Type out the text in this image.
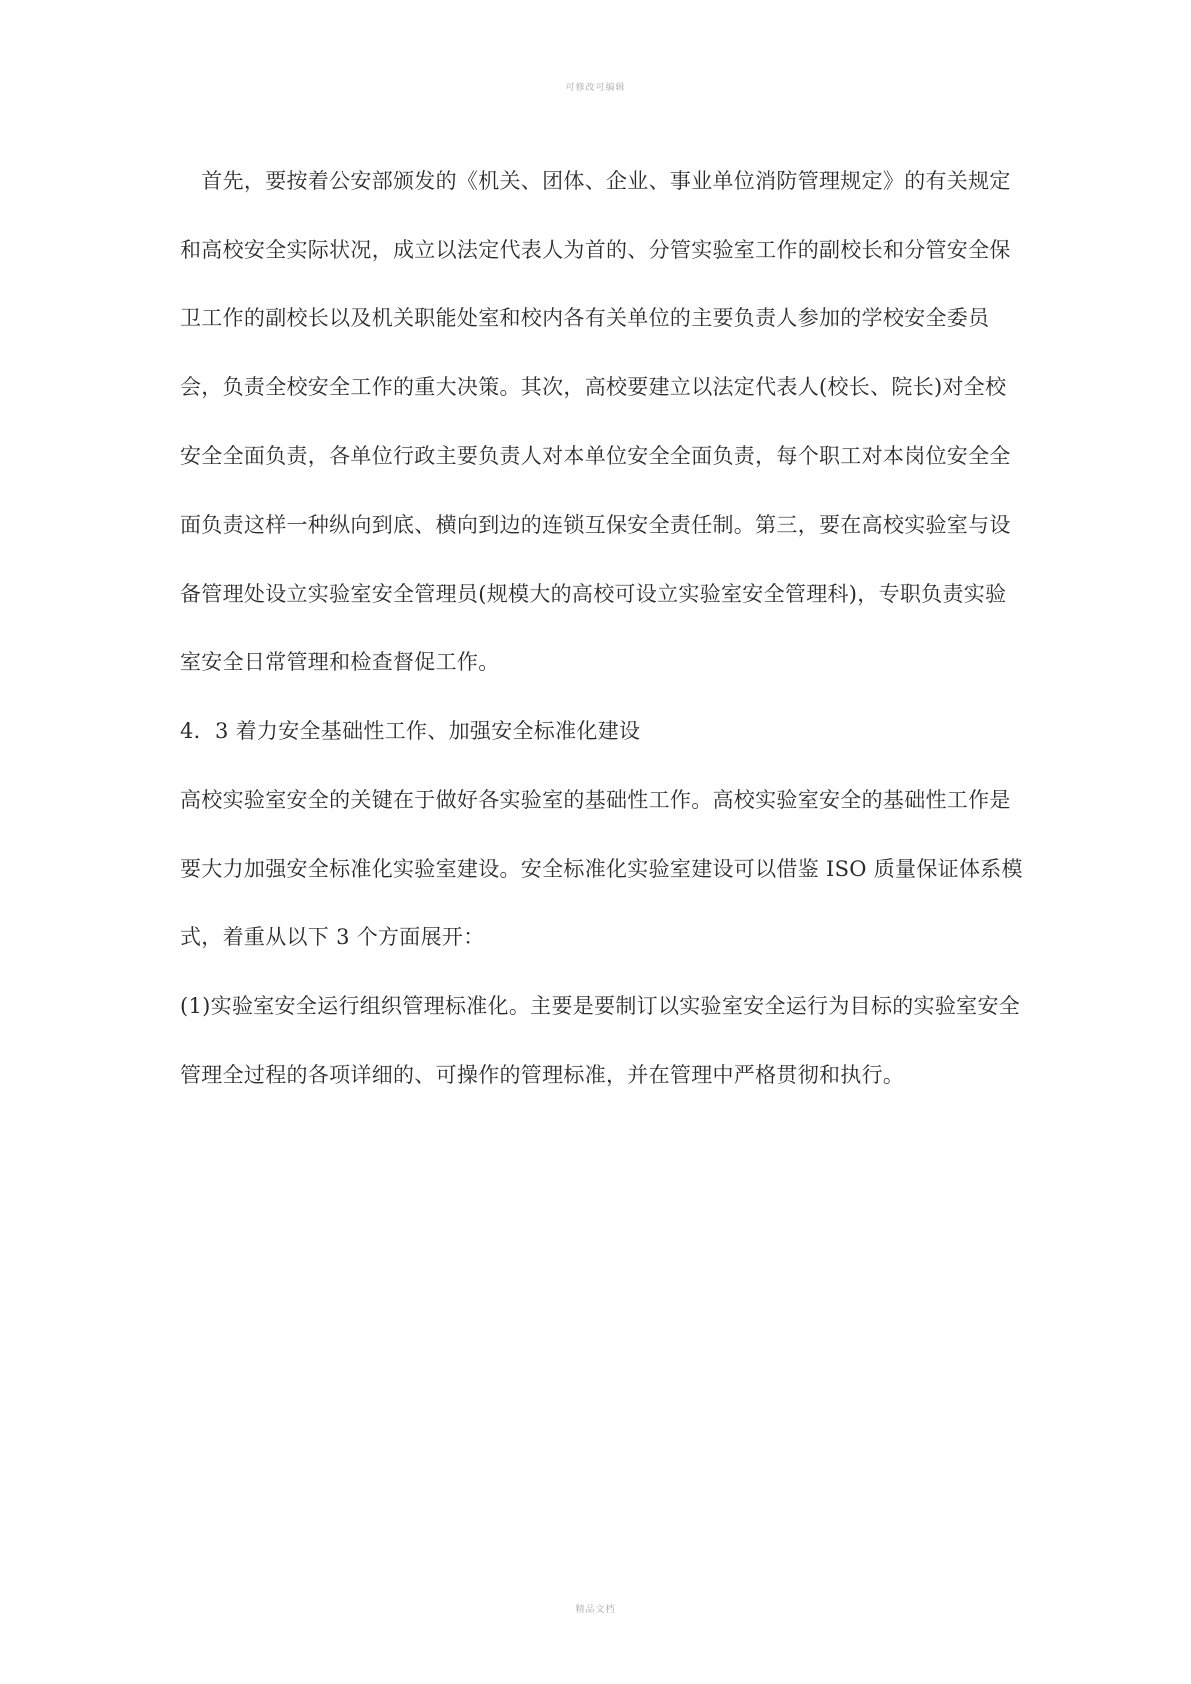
可修改可编辑
　首先，要按着公安部颁发的《机关、团体、企业、事业单位消防管理规定》的有关规定
和高校安全实际状况，成立以法定代表人为首的、分管实验室工作的副校长和分管安全保
卫工作的副校长以及机关职能处室和校内各有关单位的主要负责人参加的学校安全委员
会，负责全校安全工作的重大决策。其次，高校要建立以法定代表人(校长、院长)对全校
安全全面负责，各单位行政主要负责人对本单位安全全面负责，每个职工对本岗位安全全
面负责这样一种纵向到底、横向到边的连锁互保安全责任制。第三，要在高校实验室与设
备管理处设立实验室安全管理员(规模大的高校可设立实验室安全管理科)，专职负责实验
室安全日常管理和检查督促工作。
4．3 着力安全基础性工作、加强安全标准化建设
高校实验室安全的关键在于做好各实验室的基础性工作。高校实验室安全的基础性工作是
要大力加强安全标准化实验室建设。安全标准化实验室建设可以借鉴 ISO 质量保证体系模
式，着重从以下 3 个方面展开：
(1)实验室安全运行组织管理标准化。主要是要制订以实验室安全运行为目标的实验室安全
管理全过程的各项详细的、可操作的管理标准，并在管理中严格贯彻和执行。
精品文档
